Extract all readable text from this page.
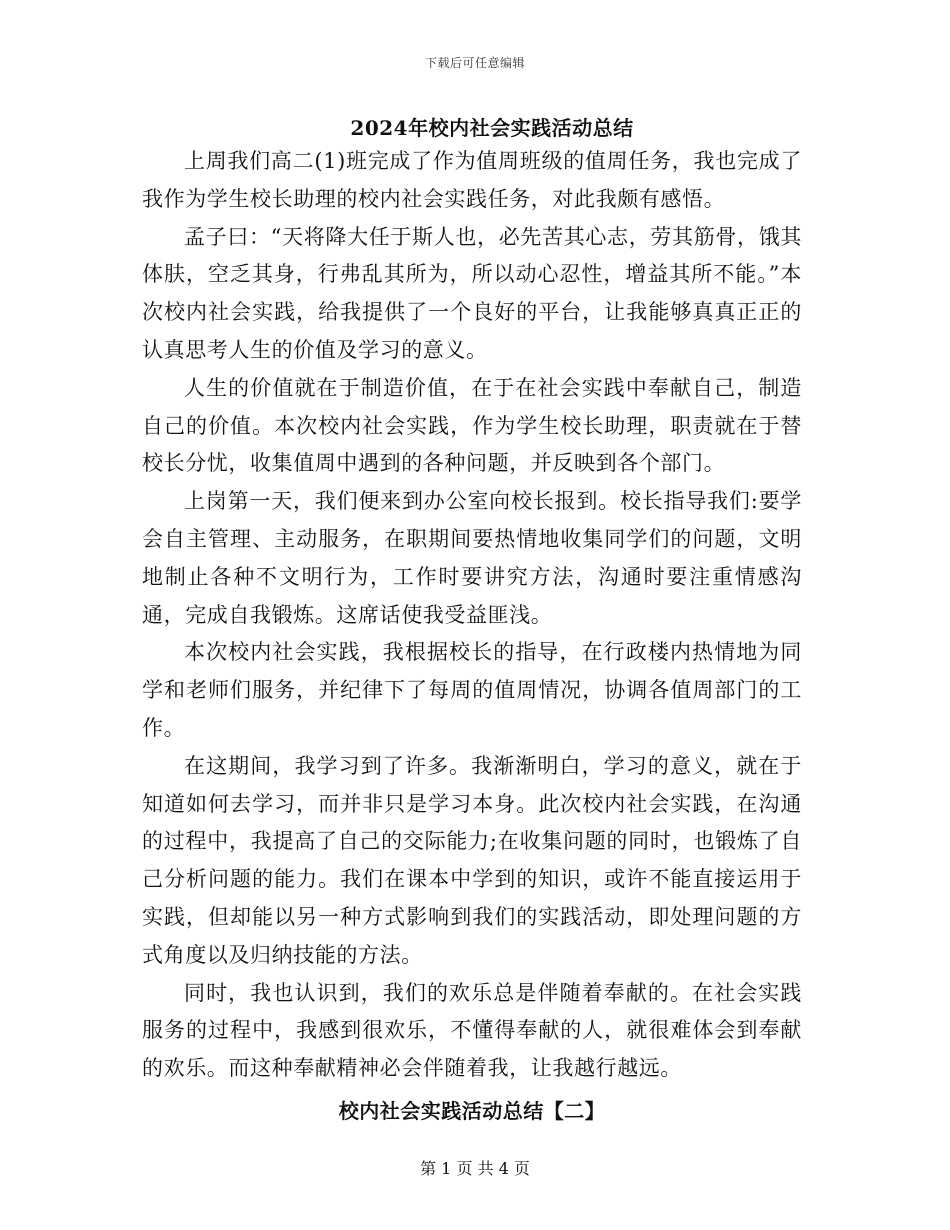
下载后可任意编辑
2024年校内社会实践活动总结

上周我们高二(1)班完成了作为值周班级的值周任务，我也完成了我作为学生校长助理的校内社会实践任务，对此我颇有感悟。

孟子曰：“天将降大任于斯人也，必先苦其心志，劳其筋骨，饿其体肤，空乏其身，行弗乱其所为，所以动心忍性，增益其所不能。”本次校内社会实践，给我提供了一个良好的平台，让我能够真真正正的认真思考人生的价值及学习的意义。

人生的价值就在于制造价值，在于在社会实践中奉献自己，制造自己的价值。本次校内社会实践，作为学生校长助理，职责就在于替校长分忧，收集值周中遇到的各种问题，并反映到各个部门。

上岗第一天，我们便来到办公室向校长报到。校长指导我们:要学会自主管理、主动服务，在职期间要热情地收集同学们的问题，文明地制止各种不文明行为，工作时要讲究方法，沟通时要注重情感沟通，完成自我锻炼。这席话使我受益匪浅。

本次校内社会实践，我根据校长的指导，在行政楼内热情地为同学和老师们服务，并纪律下了每周的值周情况，协调各值周部门的工作。

在这期间，我学习到了许多。我渐渐明白，学习的意义，就在于知道如何去学习，而并非只是学习本身。此次校内社会实践，在沟通的过程中，我提高了自己的交际能力;在收集问题的同时，也锻炼了自己分析问题的能力。我们在课本中学到的知识，或许不能直接运用于实践，但却能以另一种方式影响到我们的实践活动，即处理问题的方式角度以及归纳技能的方法。

同时，我也认识到，我们的欢乐总是伴随着奉献的。在社会实践服务的过程中，我感到很欢乐，不懂得奉献的人，就很难体会到奉献的欢乐。而这种奉献精神必会伴随着我，让我越行越远。

校内社会实践活动总结【二】
第 1 页 共 4 页
